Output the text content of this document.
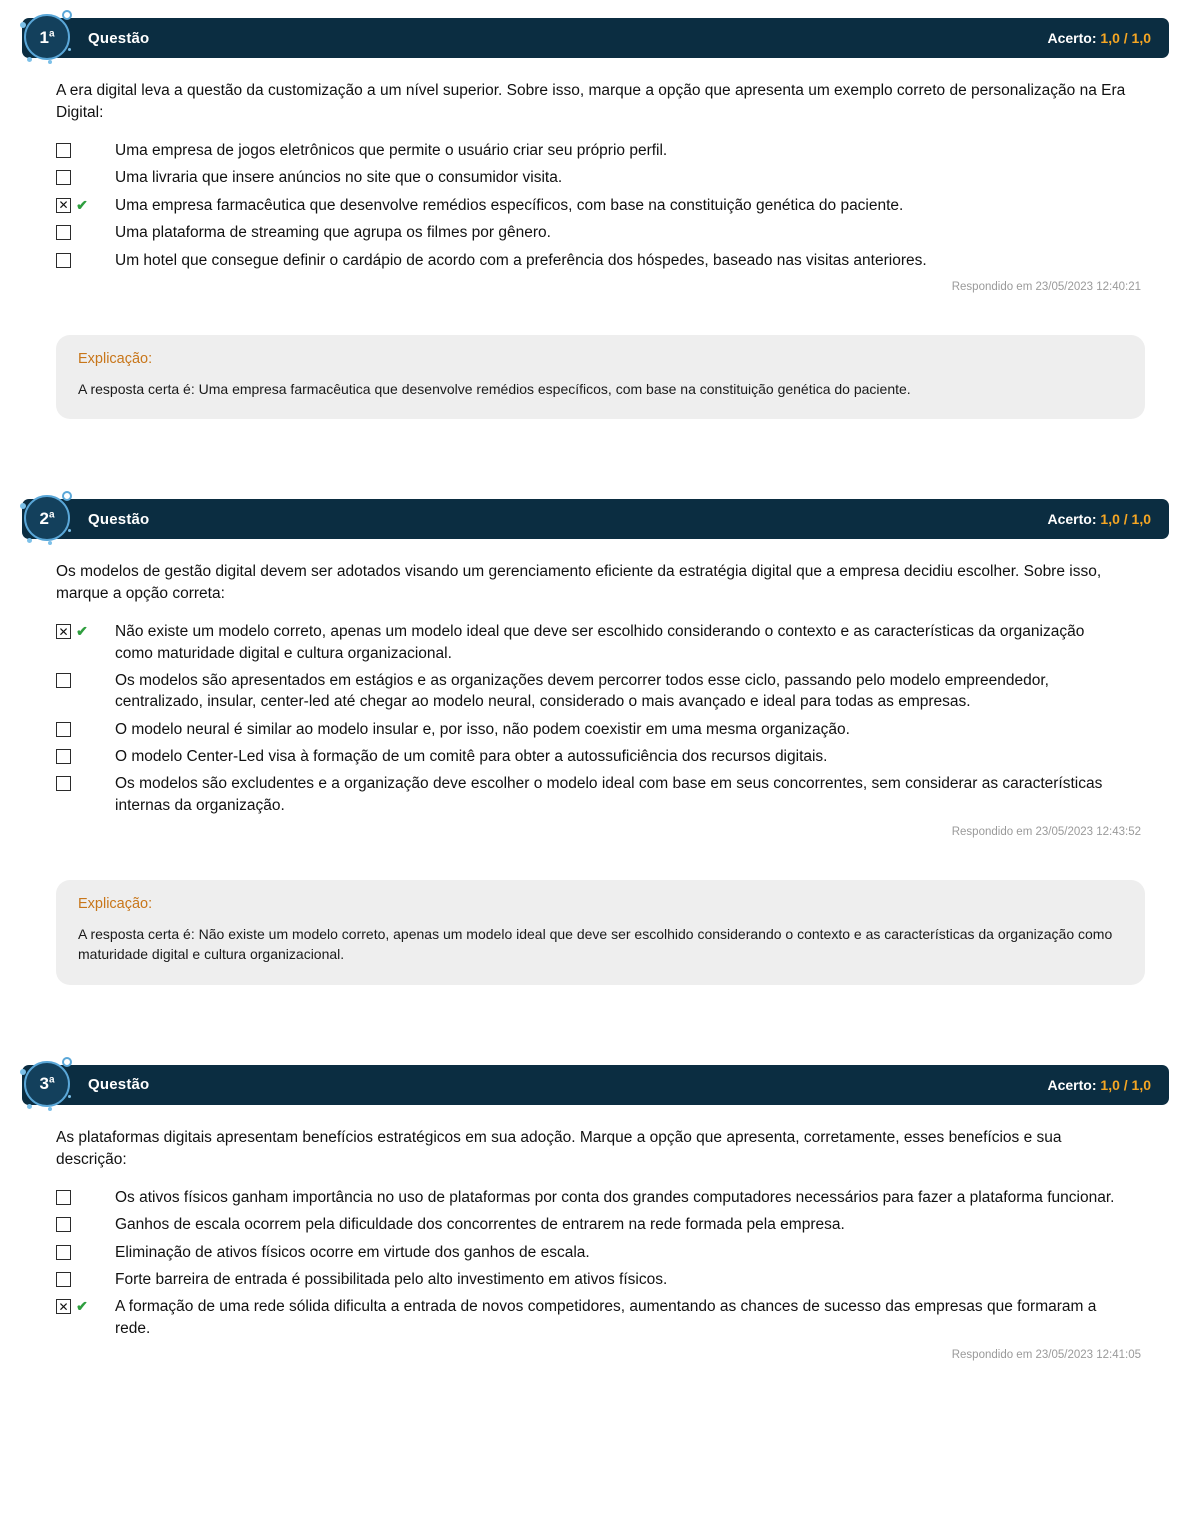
1$^a$ Questão	Acerto: 1,0 / 1,0
A era digital leva a questão da customização a um nível superior. Sobre isso, marque a opção que apresenta um exemplo correto de personalização na Era Digital:

Uma empresa de jogos eletrônicos que permite o usuário criar seu próprio perfil.

Uma livraria que insere anúncios no site que o consumidor visita.
✕ ✔	Uma empresa farmacêutica que desenvolve remédios específicos, com base na constituição genética do paciente.

Uma plataforma de streaming que agrupa os filmes por gênero.

Um hotel que consegue definir o cardápio de acordo com a preferência dos hóspedes, baseado nas visitas anteriores.
Respondido em 23/05/2023 12:40:21
Explicação:
A resposta certa é: Uma empresa farmacêutica que desenvolve remédios específicos, com base na constituição genética do paciente.
2$^a$ Questão	Acerto: 1,0 / 1,0
Os modelos de gestão digital devem ser adotados visando um gerenciamento eficiente da estratégia digital que a empresa decidiu escolher. Sobre isso, marque a opção correta:
✕ ✔	Não existe um modelo correto, apenas um modelo ideal que deve ser escolhido considerando o contexto e as características da organização como maturidade digital e cultura organizacional.

Os modelos são apresentados em estágios e as organizações devem percorrer todos esse ciclo, passando pelo modelo empreendedor, centralizado, insular, center-led até chegar ao modelo neural, considerado o mais avançado e ideal para todas as empresas.

O modelo neural é similar ao modelo insular e, por isso, não podem coexistir em uma mesma organização.

O modelo Center-Led visa à formação de um comitê para obter a autossuficiência dos recursos digitais.

Os modelos são excludentes e a organização deve escolher o modelo ideal com base em seus concorrentes, sem considerar as características internas da organização.
Respondido em 23/05/2023 12:43:52
Explicação:
A resposta certa é: Não existe um modelo correto, apenas um modelo ideal que deve ser escolhido considerando o contexto e as características da organização como maturidade digital e cultura organizacional.
3$^a$ Questão	Acerto: 1,0 / 1,0
As plataformas digitais apresentam benefícios estratégicos em sua adoção. Marque a opção que apresenta, corretamente, esses benefícios e sua descrição:

Os ativos físicos ganham importância no uso de plataformas por conta dos grandes computadores necessários para fazer a plataforma funcionar.

Ganhos de escala ocorrem pela dificuldade dos concorrentes de entrarem na rede formada pela empresa.

Eliminação de ativos físicos ocorre em virtude dos ganhos de escala.

Forte barreira de entrada é possibilitada pelo alto investimento em ativos físicos.
✕ ✔	A formação de uma rede sólida dificulta a entrada de novos competidores, aumentando as chances de sucesso das empresas que formaram a rede.
Respondido em 23/05/2023 12:41:05
